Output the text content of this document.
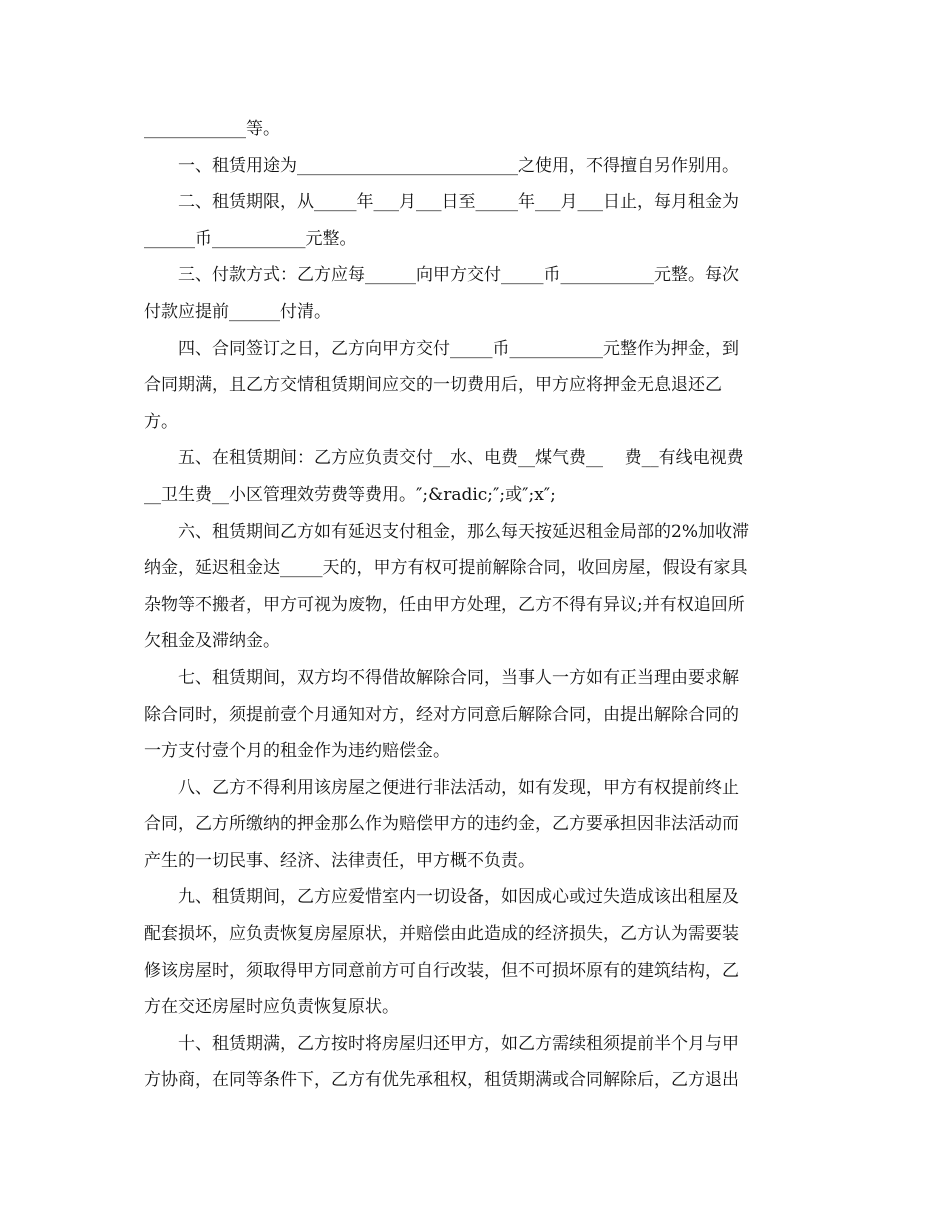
____________等。
一、租赁用途为__________________________之使用，不得擅自另作别用。
二、租赁期限，从_____年___月___日至_____年___月___日止，每月租金为
______币___________元整。
三、付款方式：乙方应每______向甲方交付_____币___________元整。每次
付款应提前______付清。
四、合同签订之日，乙方向甲方交付_____币___________元整作为押金，到
合同期满，且乙方交情租赁期间应交的一切费用后，甲方应将押金无息退还乙
方。
五、在租赁期间：乙方应负责交付__水、电费__煤气费__    费__有线电视费
__卫生费__小区管理效劳费等费用。″;&radic;″;或″;x″;
六、租赁期间乙方如有延迟支付租金，那么每天按延迟租金局部的2%加收滞
纳金，延迟租金达_____天的，甲方有权可提前解除合同，收回房屋，假设有家具
杂物等不搬者，甲方可视为废物，任由甲方处理，乙方不得有异议;并有权追回所
欠租金及滞纳金。
七、租赁期间，双方均不得借故解除合同，当事人一方如有正当理由要求解
除合同时，须提前壹个月通知对方，经对方同意后解除合同，由提出解除合同的
一方支付壹个月的租金作为违约赔偿金。
八、乙方不得利用该房屋之便进行非法活动，如有发现，甲方有权提前终止
合同，乙方所缴纳的押金那么作为赔偿甲方的违约金，乙方要承担因非法活动而
产生的一切民事、经济、法律责任，甲方概不负责。
九、租赁期间，乙方应爱惜室内一切设备，如因成心或过失造成该出租屋及
配套损坏，应负责恢复房屋原状，并赔偿由此造成的经济损失，乙方认为需要装
修该房屋时，须取得甲方同意前方可自行改装，但不可损坏原有的建筑结构，乙
方在交还房屋时应负责恢复原状。
十、租赁期满，乙方按时将房屋归还甲方，如乙方需续租须提前半个月与甲
方协商，在同等条件下，乙方有优先承租权，租赁期满或合同解除后，乙方退出
